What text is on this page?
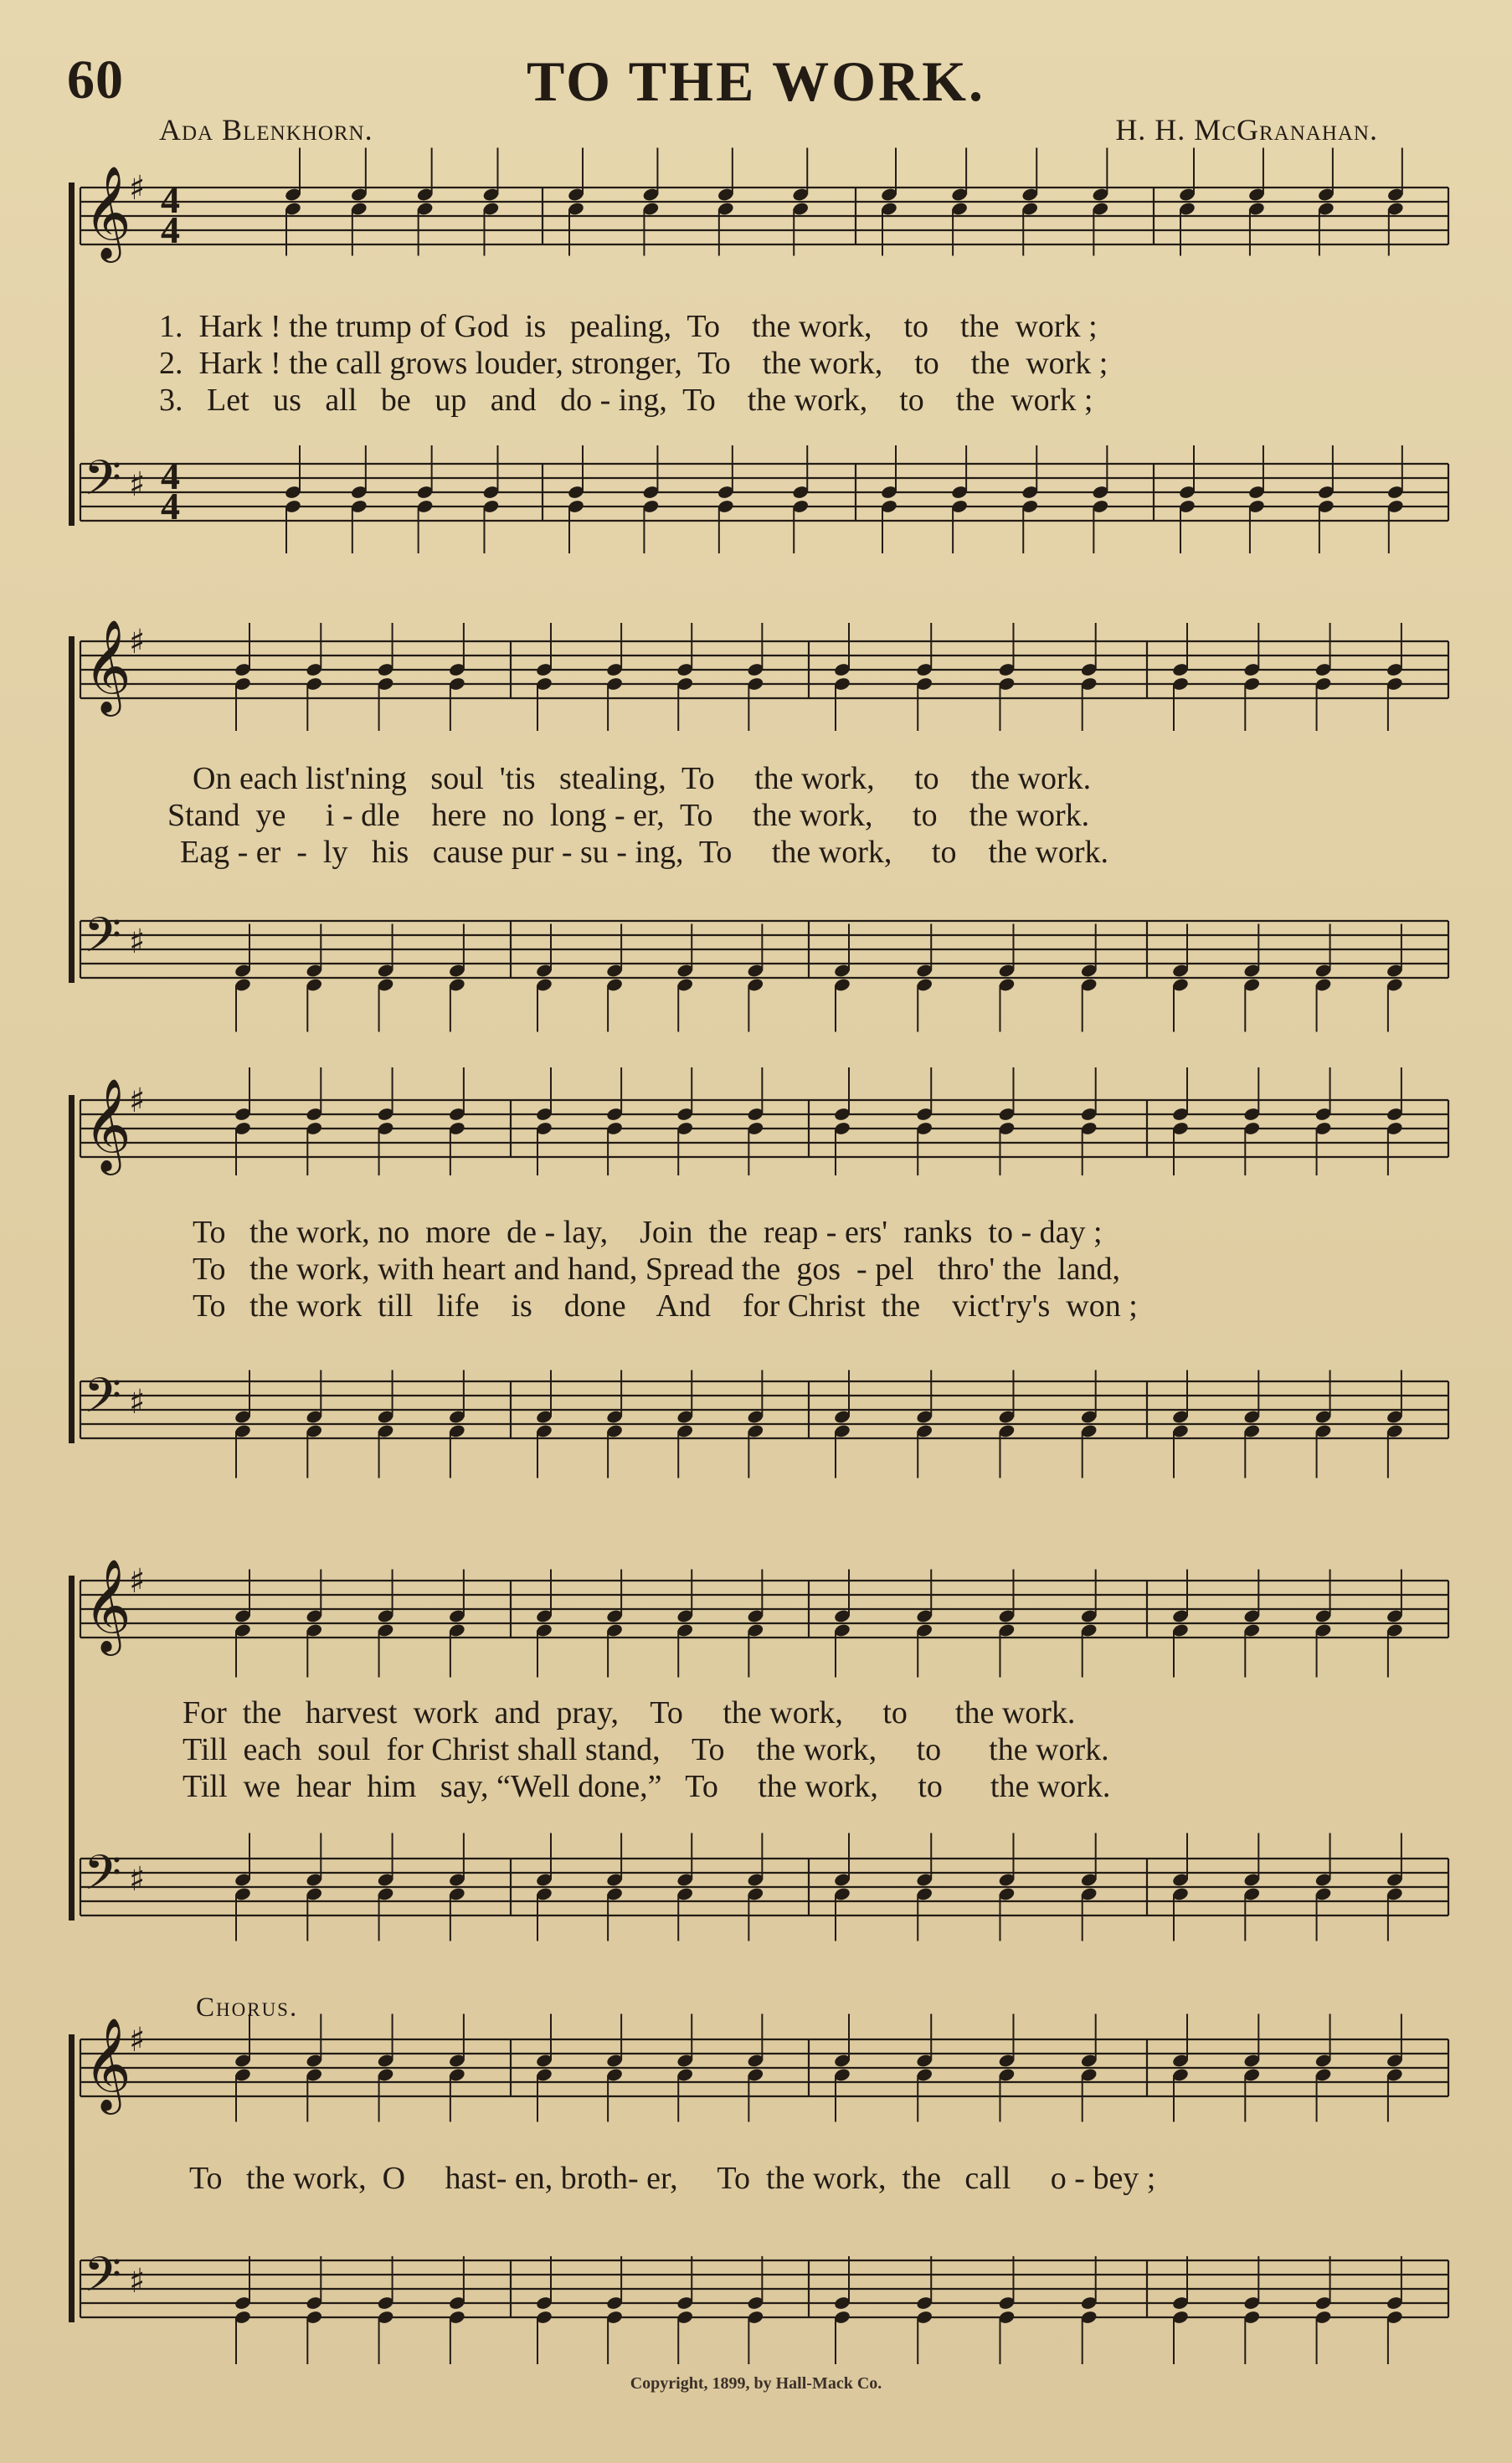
60	TO THE WORK.
Ada Blenkhorn.	H. H. McGranahan.
𝄞
♯
𝄢 ♯
4
4
4
4
𝄞
♯
𝄢 ♯
𝄞
♯
𝄢 ♯
𝄞
♯
𝄢 ♯
𝄞
♯
𝄢 ♯
1.  Hark ! the trump of God  is   pealing,  To    the work,    to    the  work ;
2.  Hark ! the call grows louder, stronger,  To    the work,    to    the  work ;
3.   Let   us   all   be   up   and   do - ing,  To    the work,    to    the  work ;
On each list'ning   soul  'tis   stealing,  To     the work,     to    the work.
Stand  ye     i - dle    here  no  long - er,  To     the work,     to    the work.
Eag - er  -  ly   his   cause pur - su - ing,  To     the work,     to    the work.
To   the work, no  more  de - lay,    Join  the  reap - ers'  ranks  to - day ;
To   the work, with heart and hand, Spread the  gos  - pel   thro' the  land,
To   the work  till   life    is    done    And    for Christ  the    vict'ry's  won ;
For  the   harvest  work  and  pray,    To     the work,     to      the work.
Till  each  soul  for Christ shall stand,    To    the work,     to      the work.
Till  we  hear  him   say, “Well done,”   To     the work,     to      the work.
Chorus.
To   the work,  O     hast- en, broth- er,     To  the work,  the   call     o - bey ;
Copyright, 1899, by Hall-Mack Co.
